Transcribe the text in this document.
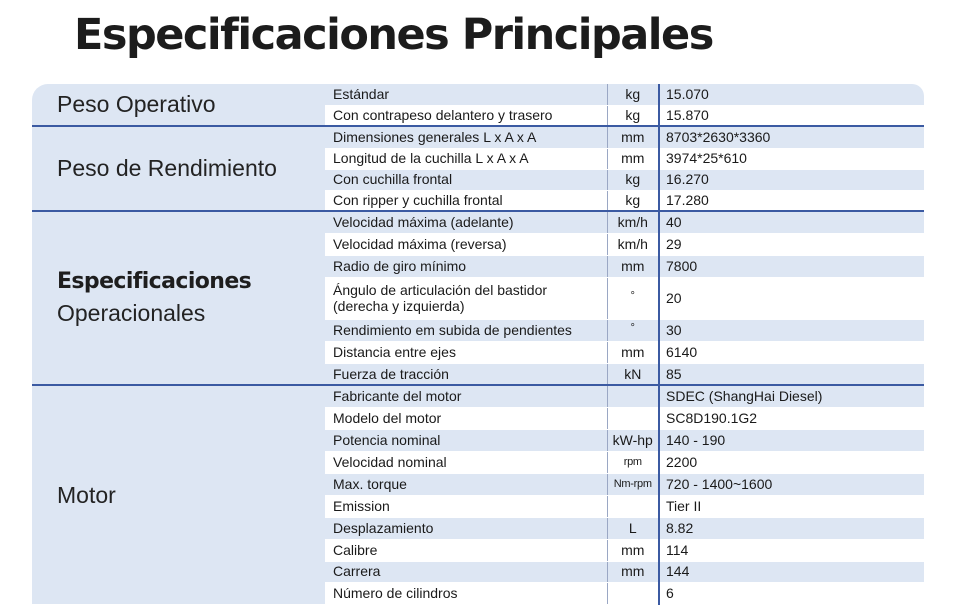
Especificaciones Principales
Peso Operativo	Estándar	kg	15.070
	Con contrapeso delantero y trasero	kg	15.870
Peso de Rendimiento	Dimensiones generales L x A x A	mm	8703*2630*3360
	Longitud de la cuchilla L x A x A	mm	3974*25*610
	Con cuchilla frontal	kg	16.270
	Con ripper y cuchilla frontal	kg	17.280

Especificaciones
Operacionales	Velocidad máxima (adelante)	km/h	40
	Velocidad máxima (reversa)	km/h	29
	Radio de giro mínimo	mm	7800

	Ángulo de articulación del bastidor
(derecha y izquierda)	°	20
	Rendimiento em subida de pendientes	°	30
	Distancia entre ejes	mm	6140
	Fuerza de tracción	kN	85
Motor	Fabricante del motor		SDEC (ShangHai Diesel)
	Modelo del motor		SC8D190.1G2
	Potencia nominal	kW-hp	140 - 190
	Velocidad nominal	rpm	2200
	Max. torque	Nm-rpm	720 - 1400~1600
	Emission		Tier II
	Desplazamiento	L	8.82
	Calibre	mm	114
	Carrera	mm	144
	Número de cilindros		6
